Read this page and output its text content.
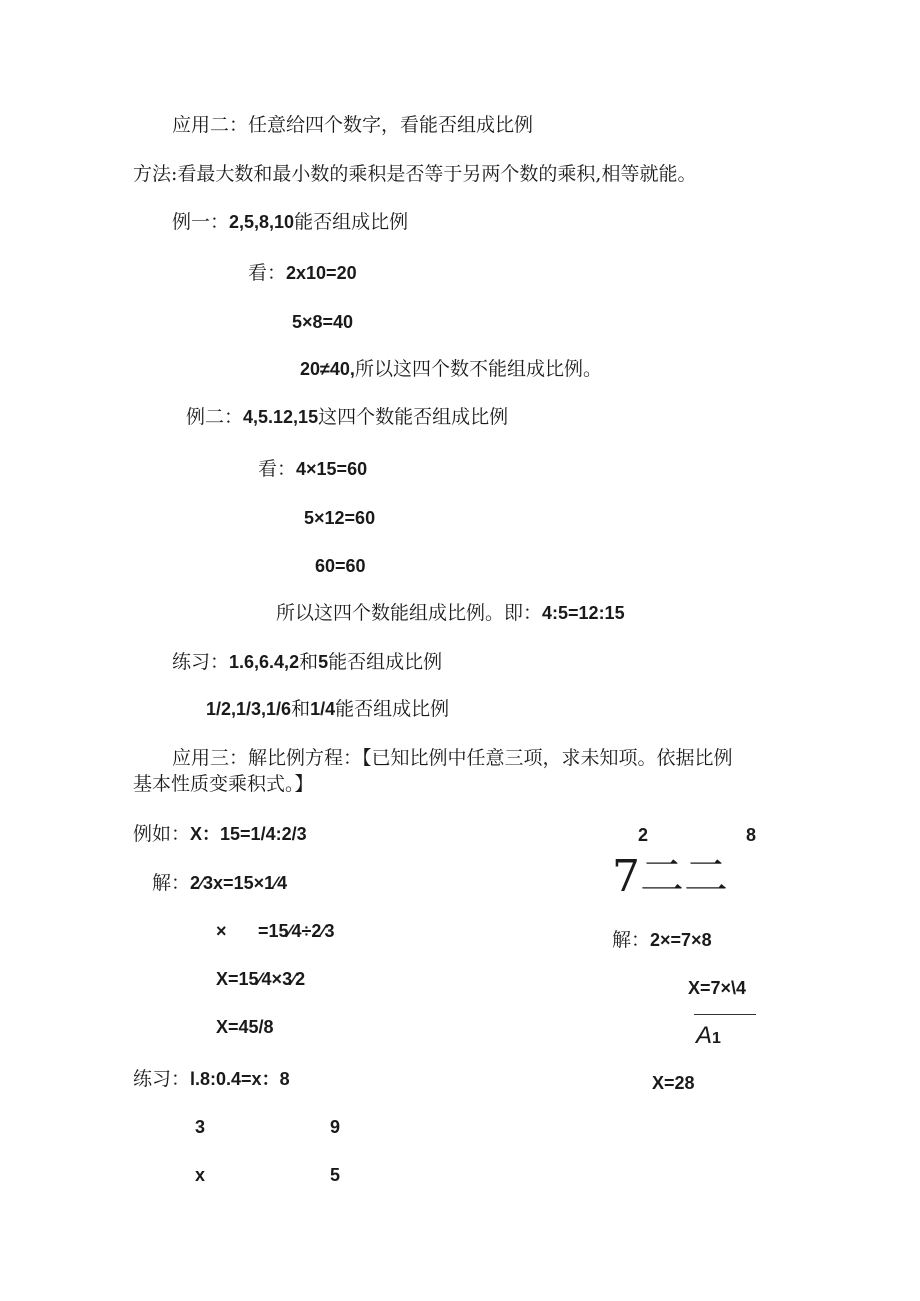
应用二：任意给四个数字，看能否组成比例
方法:看最大数和最小数的乘积是否等于另两个数的乘积,相等就能。
例一：2,5,8,10能否组成比例
看：2x10=20
5×8=40
20≠40,所以这四个数不能组成比例。
例二：4,5.12,15这四个数能否组成比例
看：4×15=60
5×12=60
60=60
所以这四个数能组成比例。即：4:5=12:15
练习：1.6,6.4,2和5能否组成比例
1/2,1/3,1/6和1/4能否组成比例
应用三：解比例方程：【已知比例中任意三项，求未知项。依据比例
基本性质变乘积式。】
例如：X：15=1/4:2/3
解：2∕3x=15×1∕4
× =15∕4÷2∕3
X=15∕4×3∕2
X=45/8
2	8
7二二
解：2×=7×8
X=7×\4
A1
X=28
练习：l.8:0.4=x：8
3	9
x	5
